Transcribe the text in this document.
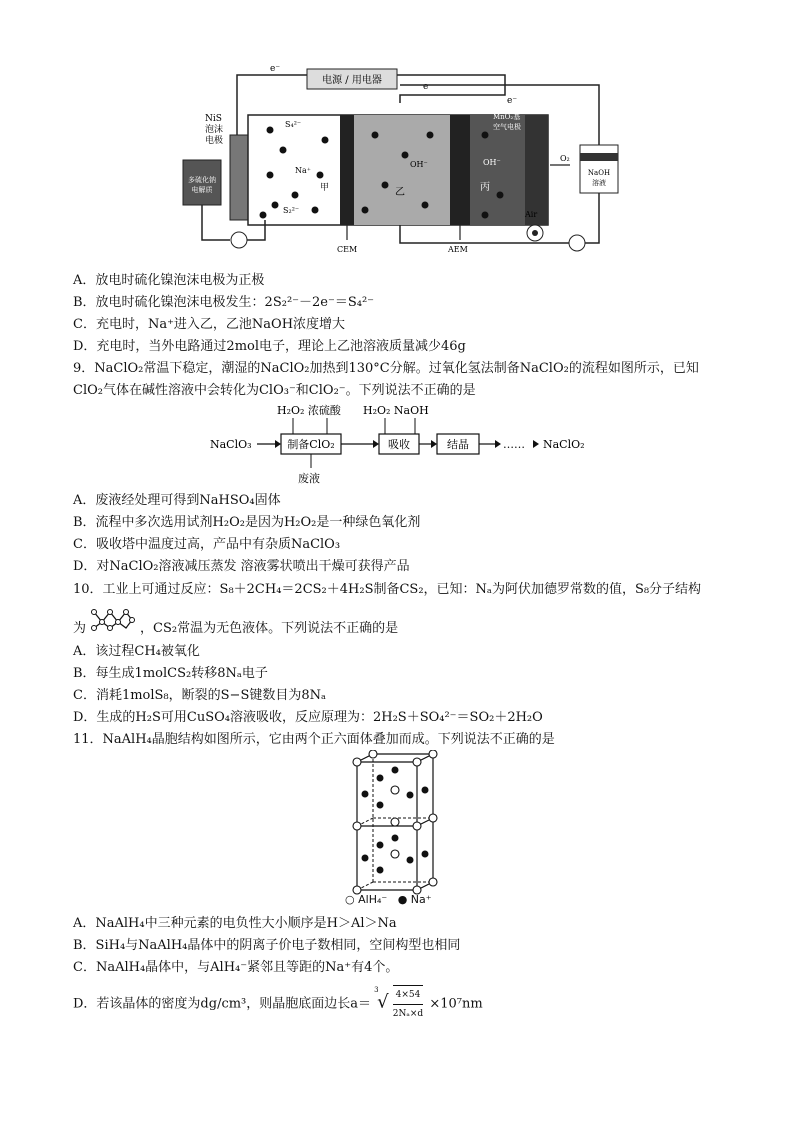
电源 / 用电器
e⁻
e⁻
e⁻
NiS
泡沫
电极
多硫化钠
电解质
S₄²⁻
S₂²⁻
Na⁺
甲	乙	丙
OH⁻	OH⁻
MnO₂基
空气电极
O₂
Air
CEM	AEM
NaOH
溶液
A．放电时硫化镍泡沫电极为正极
B．放电时硫化镍泡沫电极发生：2S₂²⁻－2e⁻＝S₄²⁻
C．充电时，Na⁺进入乙，乙池NaOH浓度增大
D．充电时，当外电路通过2mol电子，理论上乙池溶液质量减少46g
9．NaClO₂常温下稳定，潮湿的NaClO₂加热到130°C分解。过氧化氢法制备NaClO₂的流程如图所示，已知
ClO₂气体在碱性溶液中会转化为ClO₃⁻和ClO₂⁻。下列说法不正确的是
NaClO₃	制备ClO₂
H₂O₂ 浓硫酸
废液
吸收
H₂O₂ NaOH
结晶	…… NaClO₂
A．废液经处理可得到NaHSO₄固体
B．流程中多次选用试剂H₂O₂是因为H₂O₂是一种绿色氧化剂
C．吸收塔中温度过高，产品中有杂质NaClO₃
D．对NaClO₂溶液减压蒸发 溶液雾状喷出干燥可获得产品
10．工业上可通过反应：S₈＋2CH₄＝2CS₂＋4H₂S制备CS₂，已知：Nₐ为阿伏加德罗常数的值，S₈分子结构
为	，CS₂常温为无色液体。下列说法不正确的是
A．该过程CH₄被氧化
B．每生成1molCS₂转移8Nₐ电子
C．消耗1molS₈，断裂的S−S键数目为8Nₐ
D．生成的H₂S可用CuSO₄溶液吸收，反应原理为：2H₂S＋SO₄²⁻＝SO₂＋2H₂O
11．NaAlH₄晶胞结构如图所示，它由两个正六面体叠加而成。下列说法不正确的是
○ AlH₄⁻ ● Na⁺
A．NaAlH₄中三种元素的电负性大小顺序是H＞Al＞Na
B．SiH₄与NaAlH₄晶体中的阴离子价电子数相同，空间构型也相同
C．NaAlH₄晶体中，与AlH₄⁻紧邻且等距的Na⁺有4个。
D．若该晶体的密度为dg/cm³，则晶胞底面边长a＝
3
√ $\frac{4\times 54}{\text{2Nₐ×d}} \times 10^7nm$
